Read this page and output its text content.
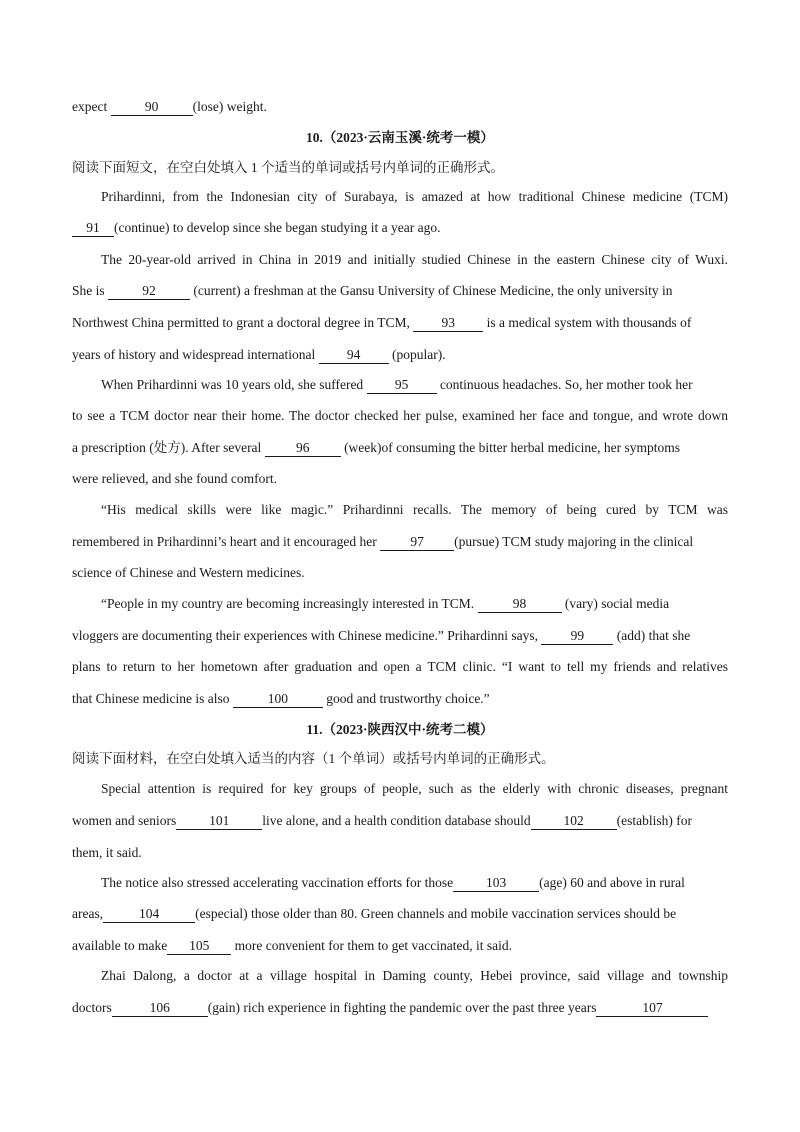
expect	90	(lose) weight.
10.（2023·云南玉溪·统考一模）
阅读下面短文，在空白处填入 1 个适当的单词或括号内单词的正确形式。
Prihardinni, from the Indonesian city of Surabaya, is amazed at how traditional Chinese medicine (TCM)
91 (continue) to develop since she began studying it a year ago.
The 20-year-old arrived in China in 2019 and initially studied Chinese in the eastern Chinese city of Wuxi.
She is	92	(current) a freshman at the Gansu University of Chinese Medicine, the only university in
Northwest China permitted to grant a doctoral degree in TCM, 93 is a medical system with thousands of
years of history and widespread international 94 (popular).
When Prihardinni was 10 years old, she suffered 95 continuous headaches. So, her mother took her
to see a TCM doctor near their home. The doctor checked her pulse, examined her face and tongue, and wrote down
a prescription (处方). After several 96 (week)of consuming the bitter herbal medicine, her symptoms
were relieved, and she found comfort.
“His medical skills were like magic.” Prihardinni recalls. The memory of being cured by TCM was
remembered in Prihardinni’s heart and it encouraged her 97 (pursue) TCM study majoring in the clinical
science of Chinese and Western medicines.
“People in my country are becoming increasingly interested in TCM.	98	(vary) social media
vloggers are documenting their experiences with Chinese medicine.” Prihardinni says, 99 (add) that she
plans to return to her hometown after graduation and open a TCM clinic. “I want to tell my friends and relatives
that Chinese medicine is also	100	good and trustworthy choice.”
11.（2023·陕西汉中·统考二模）
阅读下面材料，在空白处填入适当的内容（1 个单词）或括号内单词的正确形式。
Special attention is required for key groups of people, such as the elderly with chronic diseases, pregnant
women and seniors 101 live alone, and a health condition database should 102 (establish) for
them, it said.
The notice also stressed accelerating vaccination efforts for those 103 (age) 60 and above in rural
areas,	104	(especial) those older than 80. Green channels and mobile vaccination services should be
available to make 105 more convenient for them to get vaccinated, it said.
Zhai Dalong, a doctor at a village hospital in Daming county, Hebei province, said village and township
doctors	106	(gain) rich experience in fighting the pandemic over the past three years	107
